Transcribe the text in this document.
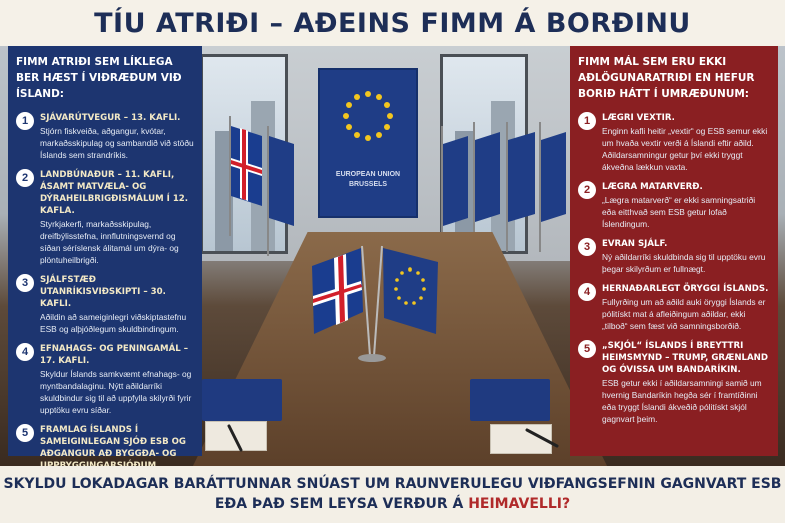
TÍU ATRIÐI – AÐEINS FIMM Á BORÐINU
EUROPEAN UNION
BRUSSELS
FIMM ATRIÐI SEM LÍKLEGA BER HÆST Í VIÐRÆÐUM VIÐ ÍSLAND:
1	SJÁVARÚTVEGUR – 13. KAFLI.
Stjórn fiskveiða, aðgangur, kvótar, markaðsskipulag og sambandið við stöðu Íslands sem strandríkis.
2	LANDBÚNAÐUR – 11. KAFLI, ÁSAMT MATVÆLA- OG DÝRAHEILBRIGÐISMÁLUM Í 12. KAFLA.
Styrkjakerfi, markaðsskipulag, dreifbýlisstefna, innflutningsvernd og síðan séríslensk álitamál um dýra- og plöntuheilbrigði.
3	SJÁLFSTÆÐ UTANRÍKISVIÐSKIPTI – 30. KAFLI.
Aðildin að sameiginlegri viðskiptastefnu ESB og alþjóðlegum skuldbindingum.
4	EFNAHAGS- OG PENINGAMÁL – 17. KAFLI.
Skyldur Íslands samkvæmt efnahags- og myntbandalaginu. Nýtt aðildarríki skuldbindur sig til að uppfylla skilyrði fyrir upptöku evru síðar.
5	FRAMLAG ÍSLANDS Í SAMEIGINLEGAN SJÓÐ ESB OG AÐGANGUR AÐ BYGGÐA- OG
FIMM MÁL SEM ERU EKKI AÐLÖGUNARATRIÐI EN HEFUR BORIÐ HÁTT Í UMRÆÐUNUM:
1	LÆGRI VEXTIR.
Enginn kafli heitir „vextir“ og ESB semur ekki um hvaða vextir verði á Íslandi eftir aðild. Aðildarsamningur getur því ekki tryggt ákveðna lækkun vaxta.
2	LÆGRA MATARVERÐ.
„Lægra matarverð“ er ekki samningsatriði eða eitthvað sem ESB getur lofað Íslendingum.
3	EVRAN SJÁLF.
Ný aðildarríki skuldbinda sig til upptöku evru þegar skilyrðum er fullnægt.
4	HERNAÐARLEGT ÖRYGGI ÍSLANDS.
Fullyrðing um að aðild auki öryggi Íslands er pólitískt mat á afleiðingum aðildar, ekki „tilboð“ sem fæst við samningsborðið.
5	„SKJÓL“ ÍSLANDS Í BREYTTRI HEIMSMYND – TRUMP, GRÆNLAND OG ÓVISSA UM BANDARÍKIN.
ESB getur ekki í aðildarsamningi samið um hvernig Bandaríkin hegða sér í framtíðinni eða tryggt Íslandi ákveðið pólitískt skjól gagnvart þeim.

SKYLDU LOKADAGAR BARÁTTUNNAR SNÚAST UM RAUNVERULEGU VIÐFANGSEFNIN GAGNVART ESB

EÐA ÞAÐ SEM LEYSA VERÐUR Á HEIMAVELLI?
